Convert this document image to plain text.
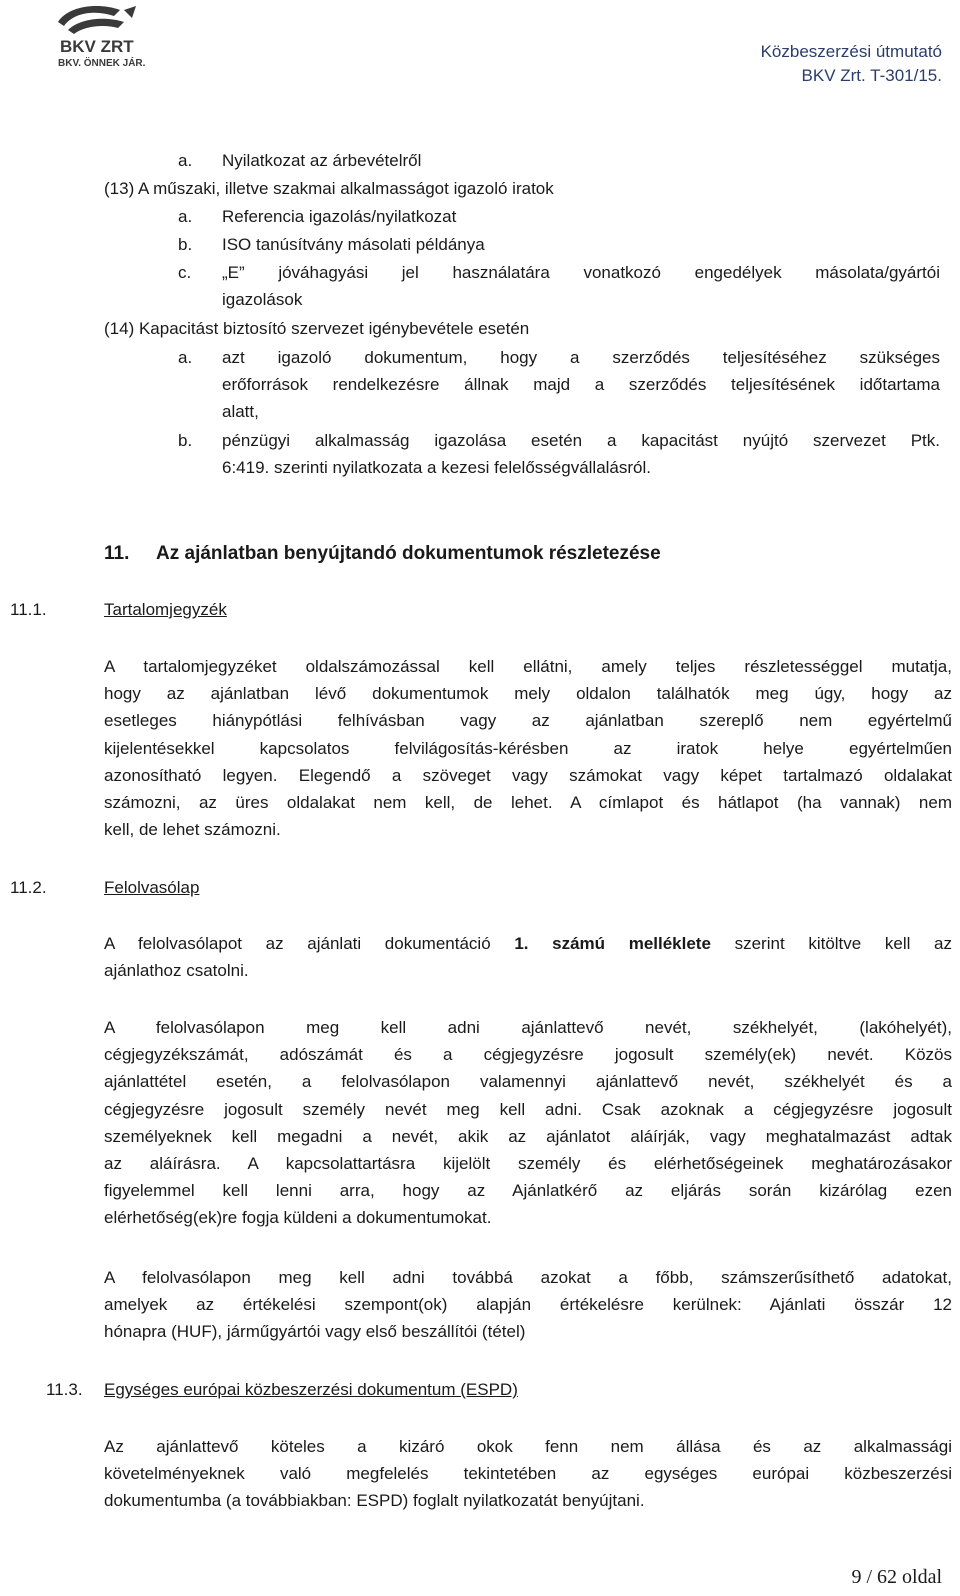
BKV ZRT
BKV. ÖNNEK JÁR.
Közbeszerzési útmutató
BKV Zrt. T-301/15.
a. Nyilatkozat az árbevételről
(13) A műszaki, illetve szakmai alkalmasságot igazoló iratok
a. Referencia igazolás/nyilatkozat
b. ISO tanúsítvány másolati példánya
c. „E” jóváhagyási jel használatára vonatkozó engedélyek másolata/gyártói
igazolások
(14) Kapacitást biztosító szervezet igénybevétele esetén
a. azt igazoló dokumentum, hogy a szerződés teljesítéséhez szükséges
erőforrások rendelkezésre állnak majd a szerződés teljesítésének időtartama
alatt,
b. pénzügyi alkalmasság igazolása esetén a kapacitást nyújtó szervezet Ptk.
6:419. szerinti nyilatkozata a kezesi felelősségvállalásról.
11.	Az ajánlatban benyújtandó dokumentumok részletezése
11.1.	Tartalomjegyzék
A tartalomjegyzéket oldalszámozással kell ellátni, amely teljes részletességgel mutatja,
hogy az ajánlatban lévő dokumentumok mely oldalon találhatók meg úgy, hogy az
esetleges hiánypótlási felhívásban vagy az ajánlatban szereplő nem egyértelmű
kijelentésekkel kapcsolatos felvilágosítás-kérésben az iratok helye egyértelműen
azonosítható legyen. Elegendő a szöveget vagy számokat vagy képet tartalmazó oldalakat
számozni, az üres oldalakat nem kell, de lehet. A címlapot és hátlapot (ha vannak) nem
kell, de lehet számozni.
11.2.	Felolvasólap
A felolvasólapot az ajánlati dokumentáció 1. számú melléklete szerint kitöltve kell az
ajánlathoz csatolni.
A felolvasólapon meg kell adni ajánlattevő nevét, székhelyét, (lakóhelyét),
cégjegyzékszámát, adószámát és a cégjegyzésre jogosult személy(ek) nevét. Közös
ajánlattétel esetén, a felolvasólapon valamennyi ajánlattevő nevét, székhelyét és a
cégjegyzésre jogosult személy nevét meg kell adni. Csak azoknak a cégjegyzésre jogosult
személyeknek kell megadni a nevét, akik az ajánlatot aláírják, vagy meghatalmazást adtak
az aláírásra. A kapcsolattartásra kijelölt személy és elérhetőségeinek meghatározásakor
figyelemmel kell lenni arra, hogy az Ajánlatkérő az eljárás során kizárólag ezen
elérhetőség(ek)re fogja küldeni a dokumentumokat.
A felolvasólapon meg kell adni továbbá azokat a főbb, számszerűsíthető adatokat,
amelyek az értékelési szempont(ok) alapján értékelésre kerülnek: Ajánlati összár 12
hónapra (HUF), járműgyártói vagy első beszállítói (tétel)
11.3. Egységes európai közbeszerzési dokumentum (ESPD)
Az ajánlattevő köteles a kizáró okok fenn nem állása és az alkalmassági
követelményeknek való megfelelés tekintetében az egységes európai közbeszerzési
dokumentumba (a továbbiakban: ESPD) foglalt nyilatkozatát benyújtani.
9 / 62 oldal
